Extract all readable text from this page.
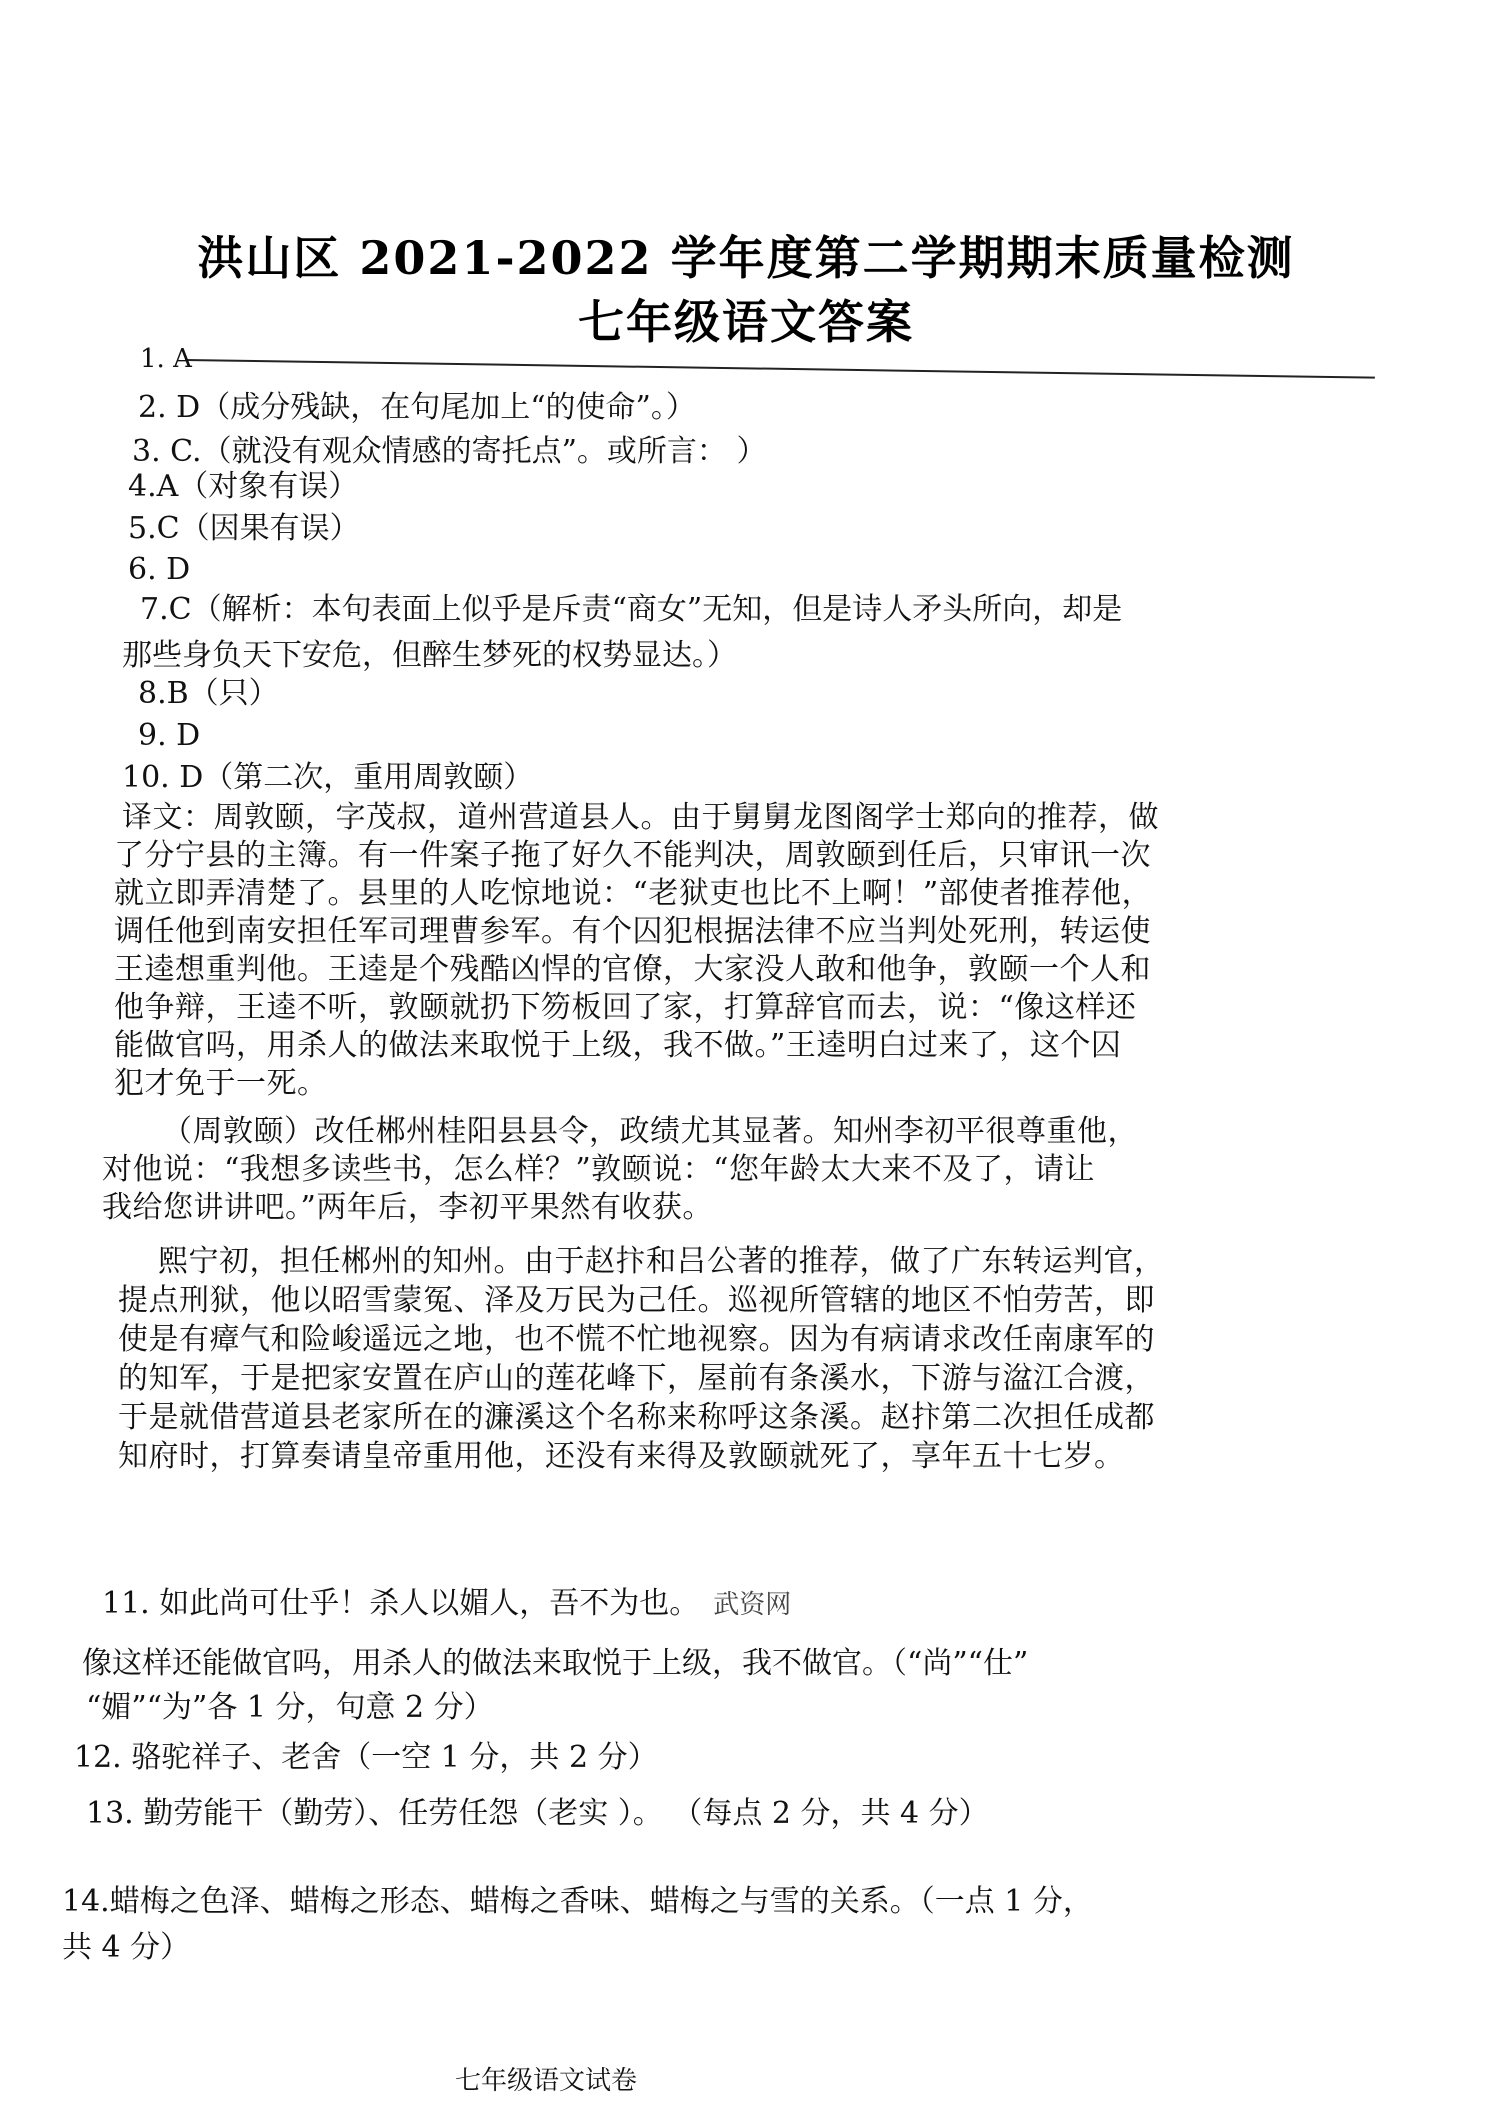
洪山区 2021-2022 学年度第二学期期末质量检测
七年级语文答案
1. A
2. D（成分残缺，在句尾加上“的使命”。）
3. C.（就没有观众情感的寄托点”。或所言： ）
4.A（对象有误）
5.C（因果有误）
6. D
7.C（解析：本句表面上似乎是斥责“商女”无知，但是诗人矛头所向，却是
那些身负天下安危，但醉生梦死的权势显达。）
8.B（只）
9. D
10. D（第二次，重用周敦颐）
译文：周敦颐，字茂叔，道州营道县人。由于舅舅龙图阁学士郑向的推荐，做
了分宁县的主簿。有一件案子拖了好久不能判决，周敦颐到任后，只审讯一次
就立即弄清楚了。县里的人吃惊地说：“老狱吏也比不上啊！”部使者推荐他，
调任他到南安担任军司理曹参军。有个囚犯根据法律不应当判处死刑，转运使
王逵想重判他。王逵是个残酷凶悍的官僚，大家没人敢和他争，敦颐一个人和
他争辩，王逵不听，敦颐就扔下笏板回了家，打算辞官而去，说：“像这样还
能做官吗，用杀人的做法来取悦于上级，我不做。”王逵明白过来了，这个囚
犯才免于一死。
（周敦颐）改任郴州桂阳县县令，政绩尤其显著。知州李初平很尊重他，
对他说：“我想多读些书，怎么样？”敦颐说：“您年龄太大来不及了，请让
我给您讲讲吧。”两年后，李初平果然有收获。
熙宁初，担任郴州的知州。由于赵抃和吕公著的推荐，做了广东转运判官，
提点刑狱，他以昭雪蒙冤、泽及万民为己任。巡视所管辖的地区不怕劳苦，即
使是有瘴气和险峻遥远之地，也不慌不忙地视察。因为有病请求改任南康军的
的知军，于是把家安置在庐山的莲花峰下，屋前有条溪水，下游与湓江合渡，
于是就借营道县老家所在的濂溪这个名称来称呼这条溪。赵抃第二次担任成都
知府时，打算奏请皇帝重用他，还没有来得及敦颐就死了，享年五十七岁。
11. 如此尚可仕乎！杀人以媚人，吾不为也。 武资网
像这样还能做官吗，用杀人的做法来取悦于上级，我不做官。（“尚”“仕”
“媚”“为”各 1 分，句意 2 分）
12. 骆驼祥子、老舍（一空 1 分，共 2 分）
13. 勤劳能干（勤劳）、任劳任怨（老实 ）。 （每点 2 分，共 4 分）
14.蜡梅之色泽、蜡梅之形态、蜡梅之香味、蜡梅之与雪的关系。（一点 1 分，
共 4 分）
七年级语文试卷
